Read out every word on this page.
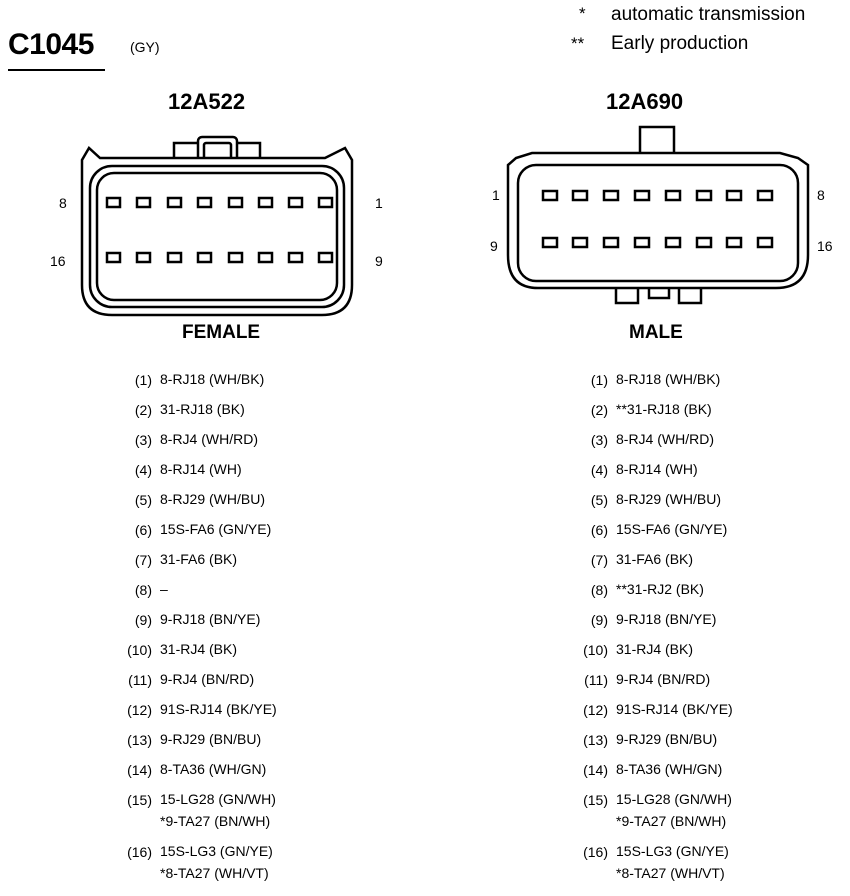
C1045	(GY)
* automatic transmission
** Early production
12A522	12A690
8	1
16	9
1	8
9	16
FEMALE	MALE
(1) 8-RJ18 (WH/BK)
(2) 31-RJ18 (BK)
(3) 8-RJ4 (WH/RD)
(4) 8-RJ14 (WH)
(5) 8-RJ29 (WH/BU)
(6) 15S-FA6 (GN/YE)
(7) 31-FA6 (BK)
(8) –
(9) 9-RJ18 (BN/YE)
(10) 31-RJ4 (BK)
(11) 9-RJ4 (BN/RD)
(12) 91S-RJ14 (BK/YE)
(13) 9-RJ29 (BN/BU)
(14) 8-TA36 (WH/GN)
(15) 15-LG28 (GN/WH)
*9-TA27 (BN/WH)
(16) 15S-LG3 (GN/YE)
*8-TA27 (WH/VT)
(1) 8-RJ18 (WH/BK)
(2) **31-RJ18 (BK)
(3) 8-RJ4 (WH/RD)
(4) 8-RJ14 (WH)
(5) 8-RJ29 (WH/BU)
(6) 15S-FA6 (GN/YE)
(7) 31-FA6 (BK)
(8) **31-RJ2 (BK)
(9) 9-RJ18 (BN/YE)
(10) 31-RJ4 (BK)
(11) 9-RJ4 (BN/RD)
(12) 91S-RJ14 (BK/YE)
(13) 9-RJ29 (BN/BU)
(14) 8-TA36 (WH/GN)
(15) 15-LG28 (GN/WH)
*9-TA27 (BN/WH)
(16) 15S-LG3 (GN/YE)
*8-TA27 (WH/VT)
